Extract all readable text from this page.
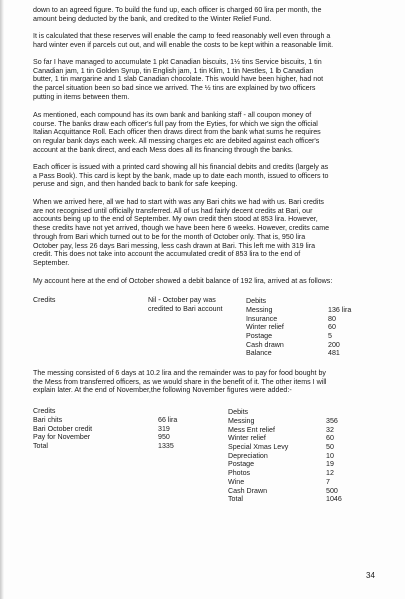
down to an agreed figure. To build the fund up, each officer is charged 60 lira per month, the
amount being deducted by the bank, and credited to the Winter Relief Fund.

It is calculated that these reserves will enable the camp to feed reasonably well even through a
hard winter even if parcels cut out, and will enable the costs to be kept within a reasonable limit.

So far I have managed to accumulate 1 pkt Canadian biscuits, 1½ tins Service biscuits, 1 tin
Canadian jam, 1 tin Golden Syrup, tin English jam, 1 tin Klim, 1 tin Nestles, 1 lb Canadian
butter, 1 tin margarine and 1 slab Canadian chocolate. This would have been higher, had not
the parcel situation been so bad since we arrived. The ½ tins are explained by two officers
putting in items between them.

As mentioned, each compound has its own bank and banking staff - all coupon money of
course. The banks draw each officer's full pay from the Eyties, for which we sign the official
Italian Acquittance Roll. Each officer then draws direct from the bank what sums he requires
on regular bank days each week. All messing charges etc are debited against each officer's
account at the bank direct, and each Mess does all its financing through the banks.

Each officer is issued with a printed card showing all his financial debits and credits (largely as
a Pass Book). This card is kept by the bank, made up to date each month, issued to officers to
peruse and sign, and then handed back to bank for safe keeping.

When we arrived here, all we had to start with was any Bari chits we had with us. Bari credits
are not recognised until officially transferred. All of us had fairly decent credits at Bari, our
accounts being up to the end of September. My own credit then stood at 853 lira. However,
these credits have not yet arrived, though we have been here 6 weeks. However, credits came
through from Bari which turned out to be for the month of October only. That is, 950 lira
October pay, less 26 days Bari messing, less cash drawn at Bari. This left me with 319 lira
credit. This does not take into account the accumulated credit of 853 lira to the end of
September.

My account here at the end of October showed a debit balance of 192 lira, arrived at as follows:

Credits	Nil - October pay was
credited to Bari account
Debits
Messing
Insurance
Winter relief
Postage
Cash drawn
Balance
136 lira
80
60
5
200
481

The messing consisted of 6 days at 10.2 lira and the remainder was to pay for food bought by
the Mess from transferred officers, as we would share in the benefit of it. The other items I will
explain later. At the end of November,the following November figures were added:-

Credits
Bari chits
Bari October credit
Pay for November
Total
66 lira
319
950
1335
Debits
Messing
Mess Ent relief
Winter relief
Special Xmas Levy
Depreciation
Postage
Photos
Wine
Cash Drawn
Total
356
32
60
50
10
19
12
7
500
1046
34
